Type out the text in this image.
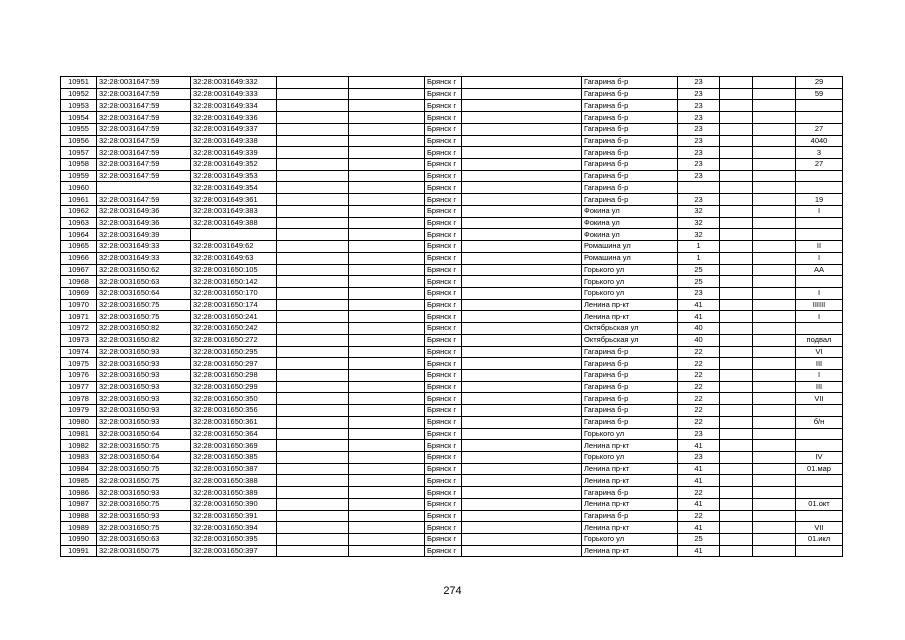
10951	32:28:0031647:59	32:28:0031649:332			Брянск г		Гагарина б-р	23			29
10952	32:28:0031647:59	32:28:0031649:333			Брянск г		Гагарина б-р	23			59
10953	32:28:0031647:59	32:28:0031649:334			Брянск г		Гагарина б-р	23			
10954	32:28:0031647:59	32:28:0031649:336			Брянск г		Гагарина б-р	23			
10955	32:28:0031647:59	32:28:0031649:337			Брянск г		Гагарина б-р	23			27
10956	32:28:0031647:59	32:28:0031649:338			Брянск г		Гагарина б-р	23			4040
10957	32:28:0031647:59	32:28:0031649:339			Брянск г		Гагарина б-р	23			3
10958	32:28:0031647:59	32:28:0031649:352			Брянск г		Гагарина б-р	23			27
10959	32:28:0031647:59	32:28:0031649:353			Брянск г		Гагарина б-р	23			
10960		32:28:0031649:354			Брянск г		Гагарина б-р				
10961	32:28:0031647:59	32:28:0031649:361			Брянск г		Гагарина б-р	23			19
10962	32:28:0031649:36	32:28:0031649:383			Брянск г		Фокина ул	32			I
10963	32:28:0031649:36	32:28:0031649:388			Брянск г		Фокина ул	32			
10964	32:28:0031649:39				Брянск г		Фокина ул	32			
10965	32:28:0031649:33	32:28:0031649:62			Брянск г		Ромашина ул	1			II
10966	32:28:0031649:33	32:28:0031649:63			Брянск г		Ромашина ул	1			I
10967	32:28:0031650:62	32:28:0031650:105			Брянск г		Горького ул	25			АА
10968	32:28:0031650:63	32:28:0031650:142			Брянск г		Горького ул	25			
10969	32:28:0031650:64	32:28:0031650:170			Брянск г		Горького ул	23			I
10970	32:28:0031650:75	32:28:0031650:174			Брянск г		Ленина пр-кт	41			IIIIII
10971	32:28:0031650:75	32:28:0031650:241			Брянск г		Ленина пр-кт	41			I
10972	32:28:0031650:82	32:28:0031650:242			Брянск г		Октябрьская ул	40			
10973	32:28:0031650:82	32:28:0031650:272			Брянск г		Октябрьская ул	40			подвал
10974	32:28:0031650:93	32:28:0031650:295			Брянск г		Гагарина б-р	22			VI
10975	32:28:0031650:93	32:28:0031650:297			Брянск г		Гагарина б-р	22			III
10976	32:28:0031650:93	32:28:0031650:298			Брянск г		Гагарина б-р	22			I
10977	32:28:0031650:93	32:28:0031650:299			Брянск г		Гагарина б-р	22			III
10978	32:28:0031650:93	32:28:0031650:350			Брянск г		Гагарина б-р	22			VII
10979	32:28:0031650:93	32:28:0031650:356			Брянск г		Гагарина б-р	22			
10980	32:28:0031650:93	32:28:0031650:361			Брянск г		Гагарина б-р	22			б/н
10981	32:28:0031650:64	32:28:0031650:364			Брянск г		Горького ул	23			
10982	32:28:0031650:75	32:28:0031650:369			Брянск г		Ленина пр-кт	41			
10983	32:28:0031650:64	32:28:0031650:385			Брянск г		Горького ул	23			IV
10984	32:28:0031650:75	32:28:0031650:387			Брянск г		Ленина пр-кт	41			01.мар
10985	32:28:0031650:75	32:28:0031650:388			Брянск г		Ленина пр-кт	41			
10986	32:28:0031650:93	32:28:0031650:389			Брянск г		Гагарина б-р	22			
10987	32:28:0031650:75	32:28:0031650:390			Брянск г		Ленина пр-кт	41			01.окт
10988	32:28:0031650:93	32:28:0031650:391			Брянск г		Гагарина б-р	22			
10989	32:28:0031650:75	32:28:0031650:394			Брянск г		Ленина пр-кт	41			VII
10990	32:28:0031650:63	32:28:0031650:395			Брянск г		Горького ул	25			01.икл
10991	32:28:0031650:75	32:28:0031650:397			Брянск г		Ленина пр-кт	41			
274
